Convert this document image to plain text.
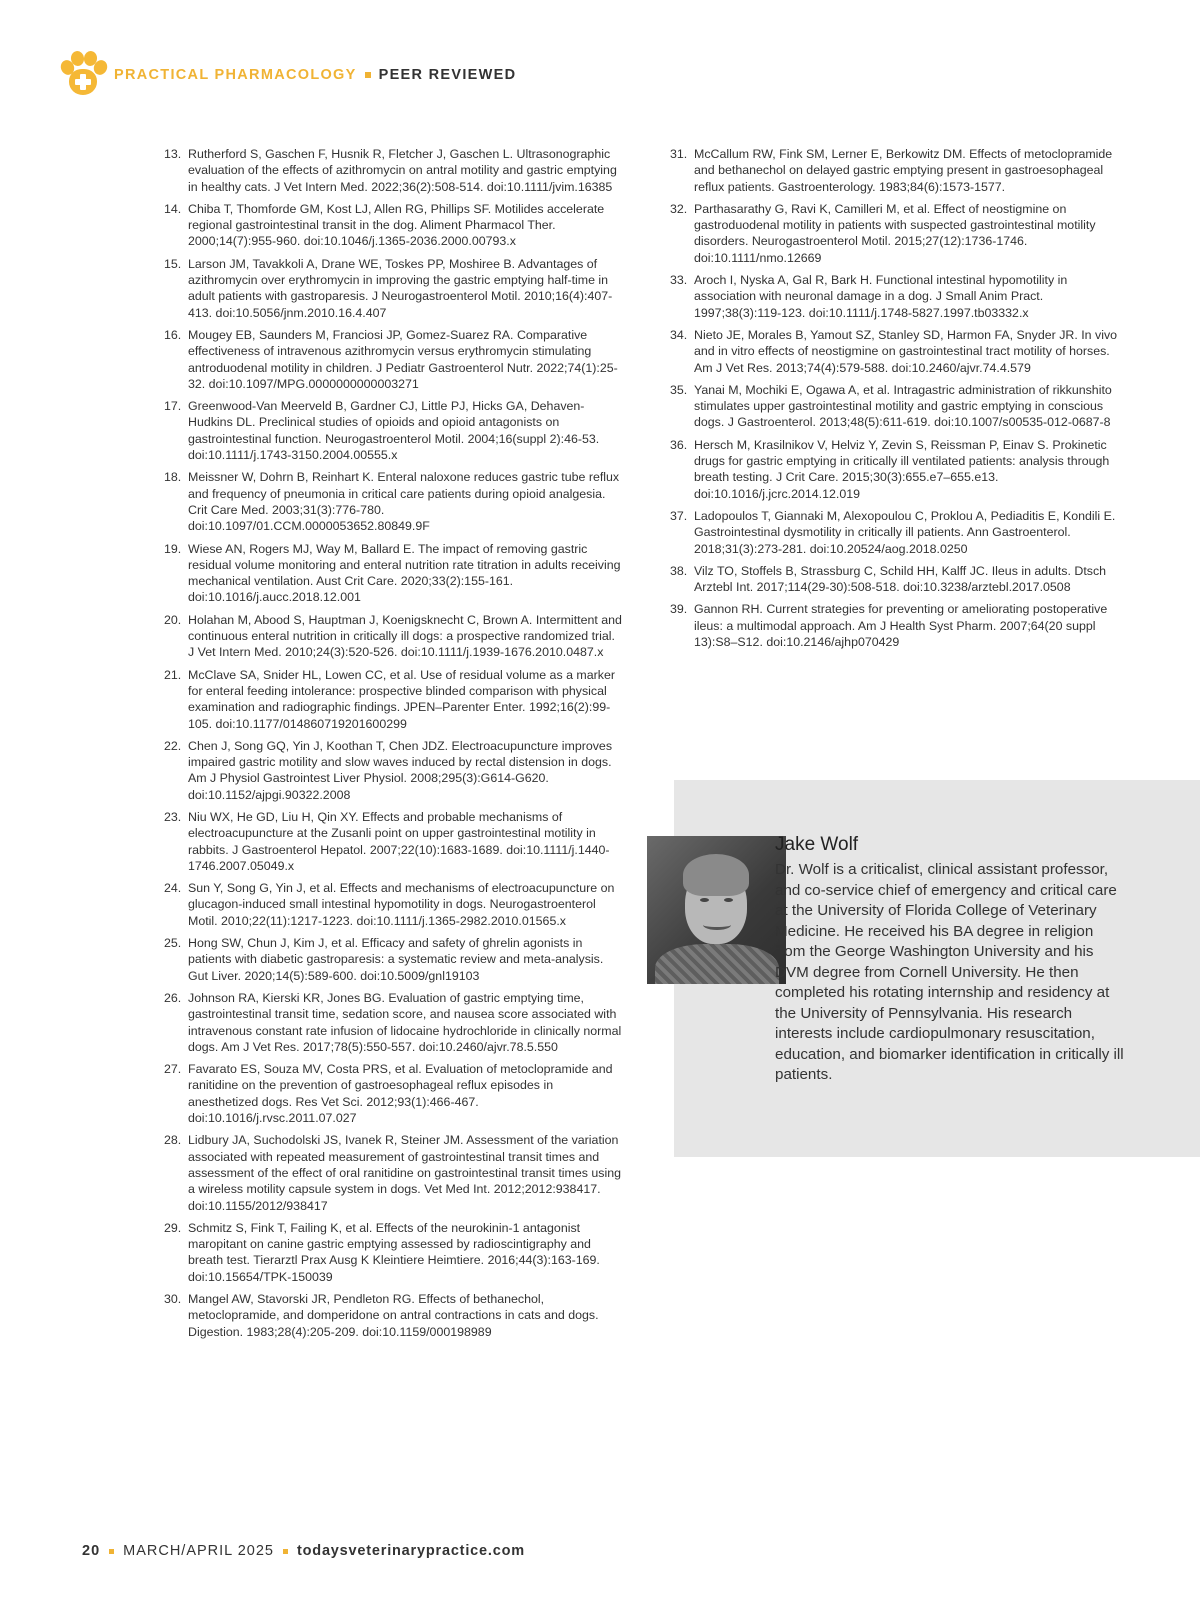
PRACTICAL PHARMACOLOGY PEER REVIEWED
13. Rutherford S, Gaschen F, Husnik R, Fletcher J, Gaschen L. Ultrasonographic evaluation of the effects of azithromycin on antral motility and gastric emptying in healthy cats. J Vet Intern Med. 2022;36(2):508-514. doi:10.1111/jvim.16385
14. Chiba T, Thomforde GM, Kost LJ, Allen RG, Phillips SF. Motilides accelerate regional gastrointestinal transit in the dog. Aliment Pharmacol Ther. 2000;14(7):955-960. doi:10.1046/j.1365-2036.2000.00793.x
15. Larson JM, Tavakkoli A, Drane WE, Toskes PP, Moshiree B. Advantages of azithromycin over erythromycin in improving the gastric emptying half-time in adult patients with gastroparesis. J Neurogastroenterol Motil. 2010;16(4):407-413. doi:10.5056/jnm.2010.16.4.407
16. Mougey EB, Saunders M, Franciosi JP, Gomez-Suarez RA. Comparative effectiveness of intravenous azithromycin versus erythromycin stimulating antroduodenal motility in children. J Pediatr Gastroenterol Nutr. 2022;74(1):25-32. doi:10.1097/MPG.0000000000003271
17. Greenwood-Van Meerveld B, Gardner CJ, Little PJ, Hicks GA, Dehaven-Hudkins DL. Preclinical studies of opioids and opioid antagonists on gastrointestinal function. Neurogastroenterol Motil. 2004;16(suppl 2):46-53. doi:10.1111/j.1743-3150.2004.00555.x
18. Meissner W, Dohrn B, Reinhart K. Enteral naloxone reduces gastric tube reflux and frequency of pneumonia in critical care patients during opioid analgesia. Crit Care Med. 2003;31(3):776-780. doi:10.1097/01.CCM.0000053652.80849.9F
19. Wiese AN, Rogers MJ, Way M, Ballard E. The impact of removing gastric residual volume monitoring and enteral nutrition rate titration in adults receiving mechanical ventilation. Aust Crit Care. 2020;33(2):155-161. doi:10.1016/j.aucc.2018.12.001
20. Holahan M, Abood S, Hauptman J, Koenigsknecht C, Brown A. Intermittent and continuous enteral nutrition in critically ill dogs: a prospective randomized trial. J Vet Intern Med. 2010;24(3):520-526. doi:10.1111/j.1939-1676.2010.0487.x
21. McClave SA, Snider HL, Lowen CC, et al. Use of residual volume as a marker for enteral feeding intolerance: prospective blinded comparison with physical examination and radiographic findings. JPEN–Parenter Enter. 1992;16(2):99-105. doi:10.1177/014860719201600299
22. Chen J, Song GQ, Yin J, Koothan T, Chen JDZ. Electroacupuncture improves impaired gastric motility and slow waves induced by rectal distension in dogs. Am J Physiol Gastrointest Liver Physiol. 2008;295(3):G614-G620. doi:10.1152/ajpgi.90322.2008
23. Niu WX, He GD, Liu H, Qin XY. Effects and probable mechanisms of electroacupuncture at the Zusanli point on upper gastrointestinal motility in rabbits. J Gastroenterol Hepatol. 2007;22(10):1683-1689. doi:10.1111/j.1440-1746.2007.05049.x
24. Sun Y, Song G, Yin J, et al. Effects and mechanisms of electroacupuncture on glucagon-induced small intestinal hypomotility in dogs. Neurogastroenterol Motil. 2010;22(11):1217-1223. doi:10.1111/j.1365-2982.2010.01565.x
25. Hong SW, Chun J, Kim J, et al. Efficacy and safety of ghrelin agonists in patients with diabetic gastroparesis: a systematic review and meta-analysis. Gut Liver. 2020;14(5):589-600. doi:10.5009/gnl19103
26. Johnson RA, Kierski KR, Jones BG. Evaluation of gastric emptying time, gastrointestinal transit time, sedation score, and nausea score associated with intravenous constant rate infusion of lidocaine hydrochloride in clinically normal dogs. Am J Vet Res. 2017;78(5):550-557. doi:10.2460/ajvr.78.5.550
27. Favarato ES, Souza MV, Costa PRS, et al. Evaluation of metoclopramide and ranitidine on the prevention of gastroesophageal reflux episodes in anesthetized dogs. Res Vet Sci. 2012;93(1):466-467. doi:10.1016/j.rvsc.2011.07.027
28. Lidbury JA, Suchodolski JS, Ivanek R, Steiner JM. Assessment of the variation associated with repeated measurement of gastrointestinal transit times and assessment of the effect of oral ranitidine on gastrointestinal transit times using a wireless motility capsule system in dogs. Vet Med Int. 2012;2012:938417. doi:10.1155/2012/938417
29. Schmitz S, Fink T, Failing K, et al. Effects of the neurokinin-1 antagonist maropitant on canine gastric emptying assessed by radioscintigraphy and breath test. Tierarztl Prax Ausg K Kleintiere Heimtiere. 2016;44(3):163-169. doi:10.15654/TPK-150039
30. Mangel AW, Stavorski JR, Pendleton RG. Effects of bethanechol, metoclopramide, and domperidone on antral contractions in cats and dogs. Digestion. 1983;28(4):205-209. doi:10.1159/000198989
31. McCallum RW, Fink SM, Lerner E, Berkowitz DM. Effects of metoclopramide and bethanechol on delayed gastric emptying present in gastroesophageal reflux patients. Gastroenterology. 1983;84(6):1573-1577.
32. Parthasarathy G, Ravi K, Camilleri M, et al. Effect of neostigmine on gastroduodenal motility in patients with suspected gastrointestinal motility disorders. Neurogastroenterol Motil. 2015;27(12):1736-1746. doi:10.1111/nmo.12669
33. Aroch I, Nyska A, Gal R, Bark H. Functional intestinal hypomotility in association with neuronal damage in a dog. J Small Anim Pract. 1997;38(3):119-123. doi:10.1111/j.1748-5827.1997.tb03332.x
34. Nieto JE, Morales B, Yamout SZ, Stanley SD, Harmon FA, Snyder JR. In vivo and in vitro effects of neostigmine on gastrointestinal tract motility of horses. Am J Vet Res. 2013;74(4):579-588. doi:10.2460/ajvr.74.4.579
35. Yanai M, Mochiki E, Ogawa A, et al. Intragastric administration of rikkunshito stimulates upper gastrointestinal motility and gastric emptying in conscious dogs. J Gastroenterol. 2013;48(5):611-619. doi:10.1007/s00535-012-0687-8
36. Hersch M, Krasilnikov V, Helviz Y, Zevin S, Reissman P, Einav S. Prokinetic drugs for gastric emptying in critically ill ventilated patients: analysis through breath testing. J Crit Care. 2015;30(3):655.e7–655.e13. doi:10.1016/j.jcrc.2014.12.019
37. Ladopoulos T, Giannaki M, Alexopoulou C, Proklou A, Pediaditis E, Kondili E. Gastrointestinal dysmotility in critically ill patients. Ann Gastroenterol. 2018;31(3):273-281. doi:10.20524/aog.2018.0250
38. Vilz TO, Stoffels B, Strassburg C, Schild HH, Kalff JC. Ileus in adults. Dtsch Arztebl Int. 2017;114(29-30):508-518. doi:10.3238/arztebl.2017.0508
39. Gannon RH. Current strategies for preventing or ameliorating postoperative ileus: a multimodal approach. Am J Health Syst Pharm. 2007;64(20 suppl 13):S8–S12. doi:10.2146/ajhp070429
Jake Wolf
Dr. Wolf is a criticalist, clinical assistant professor, and co-service chief of emergency and critical care at the University of Florida College of Veterinary Medicine. He received his BA degree in religion from the George Washington University and his DVM degree from Cornell University. He then completed his rotating internship and residency at the University of Pennsylvania. His research interests include cardiopulmonary resuscitation, education, and biomarker identification in critically ill patients.
20 MARCH/APRIL 2025 todaysveterinarypractice.com
